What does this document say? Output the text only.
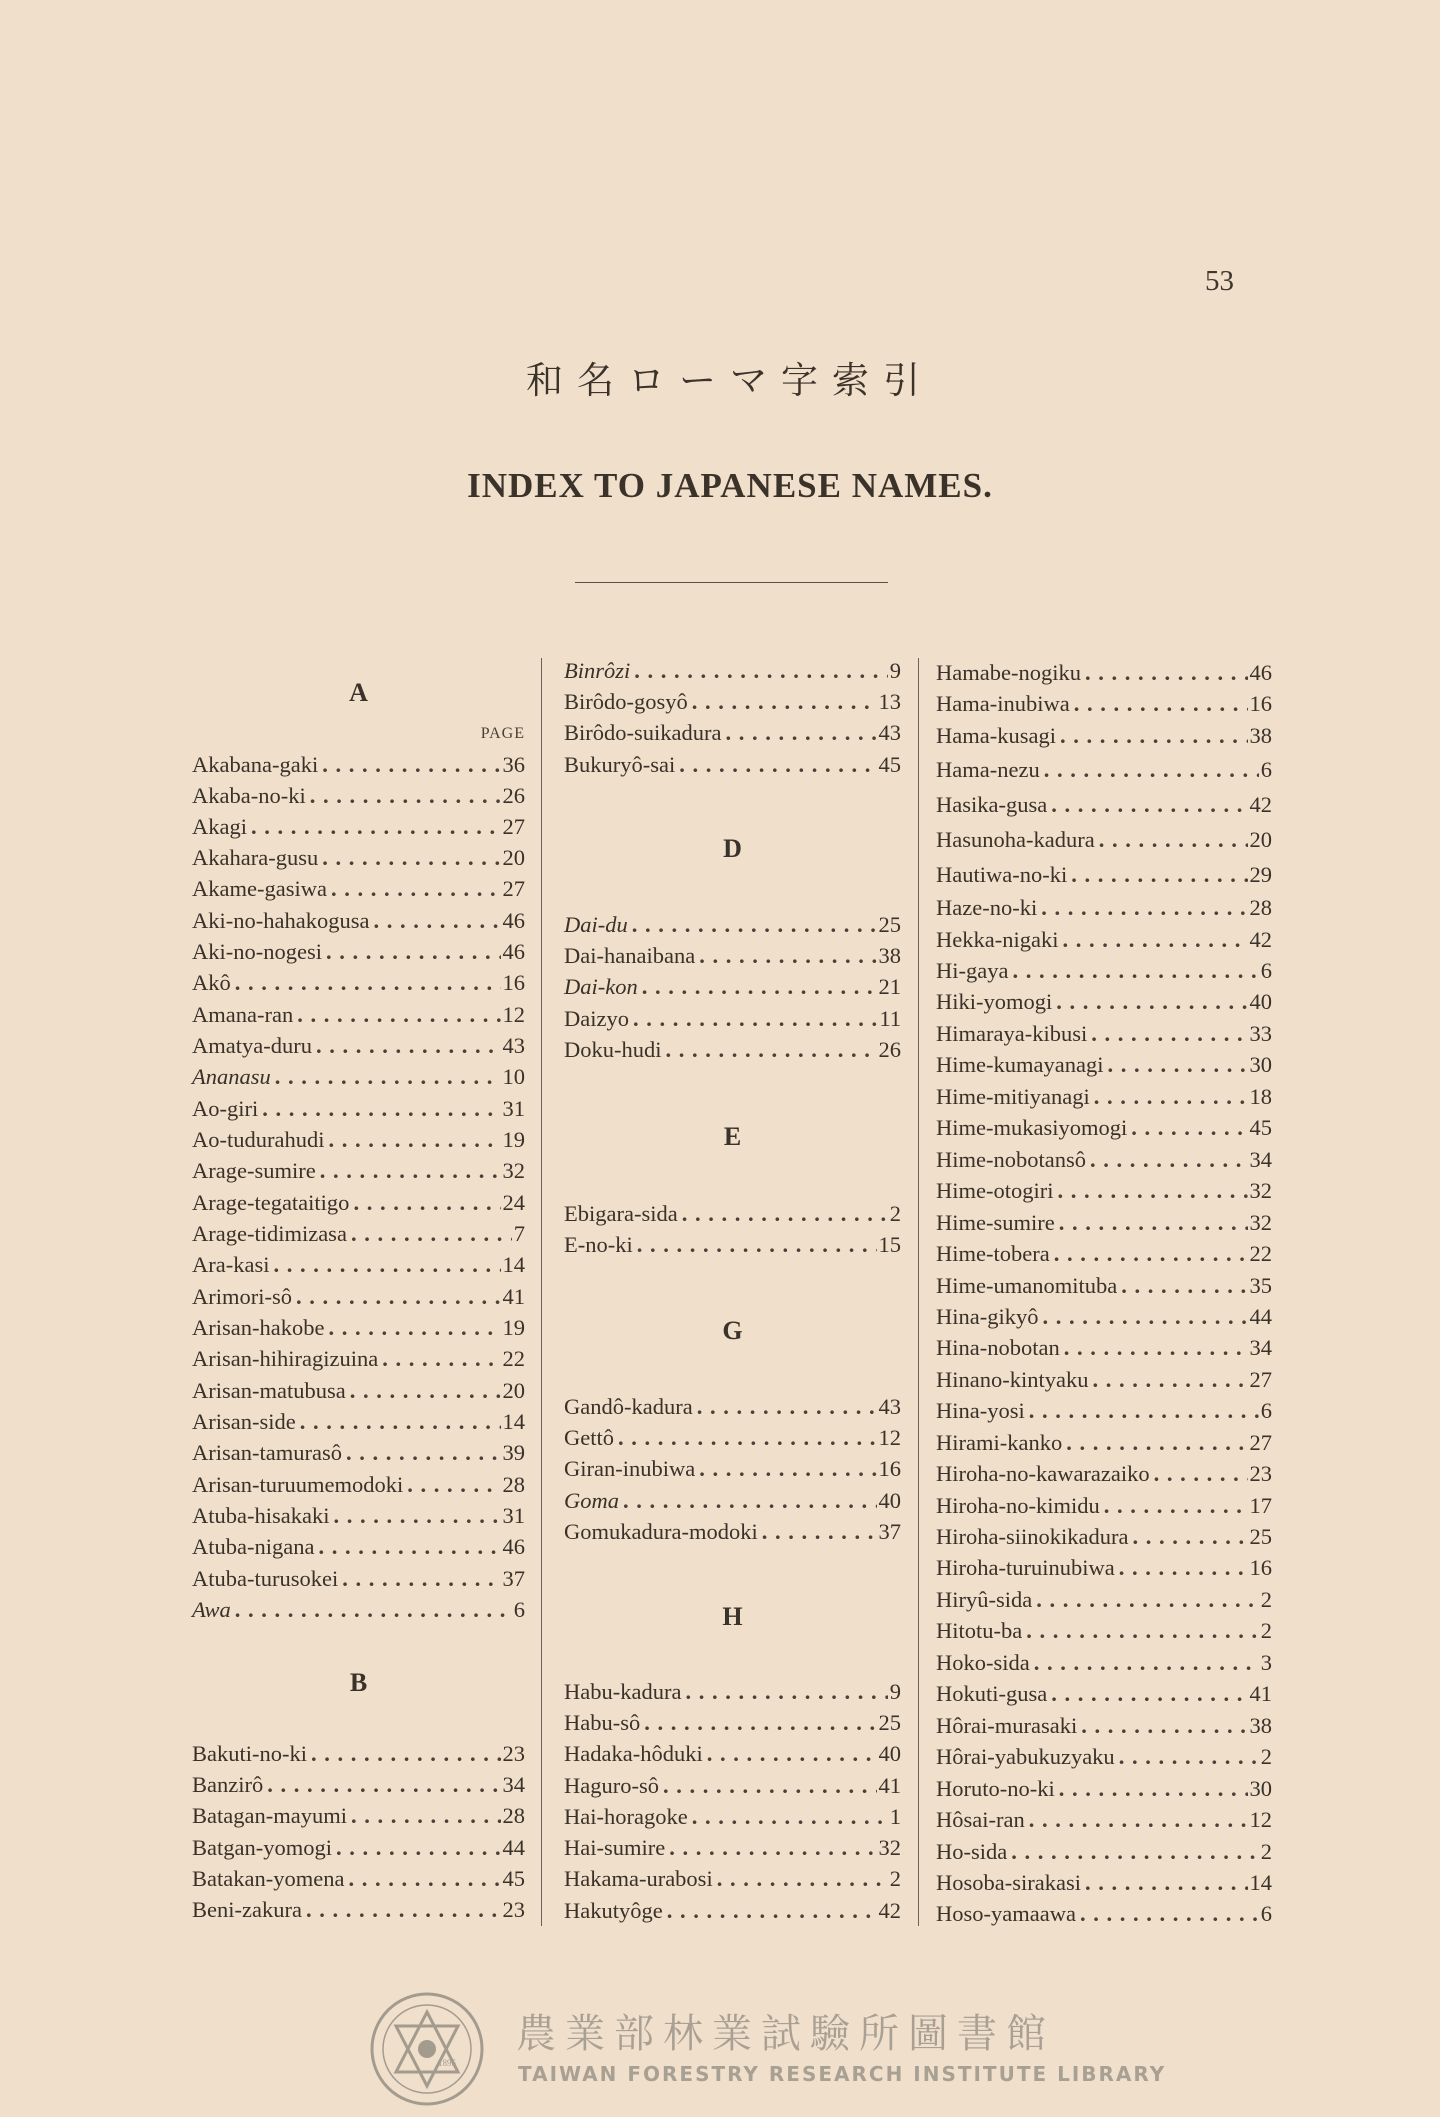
53
和名ローマ字索引
INDEX TO JAPANESE NAMES.
PAGE
A
Akabana-gaki . . .	36
Akaba-no-ki . . .	26
Akagi . . .	27
Akahara-gusu . . .	20
Akame-gasiwa . . .	27
Aki-no-hahakogusa . . .	46
Aki-no-nogesi . . .	46
Akô . . .	16
Amana-ran . . .	12
Amatya-duru . . .	43
Ananasu . . .	10
Ao-giri . . .	31
Ao-tudurahudi . . .	19
Arage-sumire . . .	32
Arage-tegataitigo . . .	24
Arage-tidimizasa . . .	7
Ara-kasi . . .	14
Arimori-sô . . .	41
Arisan-hakobe . . .	19
Arisan-hihiragizuina . . .	22
Arisan-matubusa . . .	20
Arisan-side . . .	14
Arisan-tamurasô . . .	39
Arisan-turuumemodoki . . .	28
Atuba-hisakaki . . .	31
Atuba-nigana . . .	46
Atuba-turusokei . . .	37
Awa . . .	6
B
Bakuti-no-ki . . .	23
Banzirô . . .	34
Batagan-mayumi . . .	28
Batgan-yomogi . . .	44
Batakan-yomena . . .	45
Beni-zakura . . .	23
Binrôzi . . .	9
Birôdo-gosyô . . .	13
Birôdo-suikadura . . .	43
Bukuryô-sai . . .	45
D
Dai-du . . .	25
Dai-hanaibana . . .	38
Dai-kon . . .	21
Daizyo . . .	11
Doku-hudi . . .	26
E
Ebigara-sida . . .	2
E-no-ki . . .	15
G
Gandô-kadura . . .	43
Gettô . . .	12
Giran-inubiwa . . .	16
Goma . . .	40
Gomukadura-modoki . . .	37
H
Habu-kadura . . .	9
Habu-sô . . .	25
Hadaka-hôduki . . .	40
Haguro-sô . . .	41
Hai-horagoke . . .	1
Hai-sumire . . .	32
Hakama-urabosi . . .	2
Hakutyôge . . .	42
Hamabe-nogiku . . .	46
Hama-inubiwa . . .	16
Hama-kusagi . . .	38
Hama-nezu . . .	6
Hasika-gusa . . .	42
Hasunoha-kadura . . .	20
Hautiwa-no-ki . . .	29
Haze-no-ki . . .	28
Hekka-nigaki . . .	42
Hi-gaya . . .	6
Hiki-yomogi . . .	40
Himaraya-kibusi . . .	33
Hime-kumayanagi . . .	30
Hime-mitiyanagi . . .	18
Hime-mukasiyomogi . . .	45
Hime-nobotansô . . .	34
Hime-otogiri . . .	32
Hime-sumire . . .	32
Hime-tobera . . .	22
Hime-umanomituba . . .	35
Hina-gikyô . . .	44
Hina-nobotan . . .	34
Hinano-kintyaku . . .	27
Hina-yosi . . .	6
Hirami-kanko . . .	27
Hiroha-no-kawarazaiko . . .	23
Hiroha-no-kimidu . . .	17
Hiroha-siinokikadura . . .	25
Hiroha-turuinubiwa . . .	16
Hiryû-sida . . .	2
Hitotu-ba . . .	2
Hoko-sida . . .	3
Hokuti-gusa . . .	41
Hôrai-murasaki . . .	38
Hôrai-yabukuzyaku . . .	2
Horuto-no-ki . . .	30
Hôsai-ran . . .	12
Ho-sida . . .	2
Hosoba-sirakasi . . .	14
Hoso-yamaawa . . .	6
1895
農業部林業試驗所圖書館
TAIWAN FORESTRY RESEARCH INSTITUTE LIBRARY
